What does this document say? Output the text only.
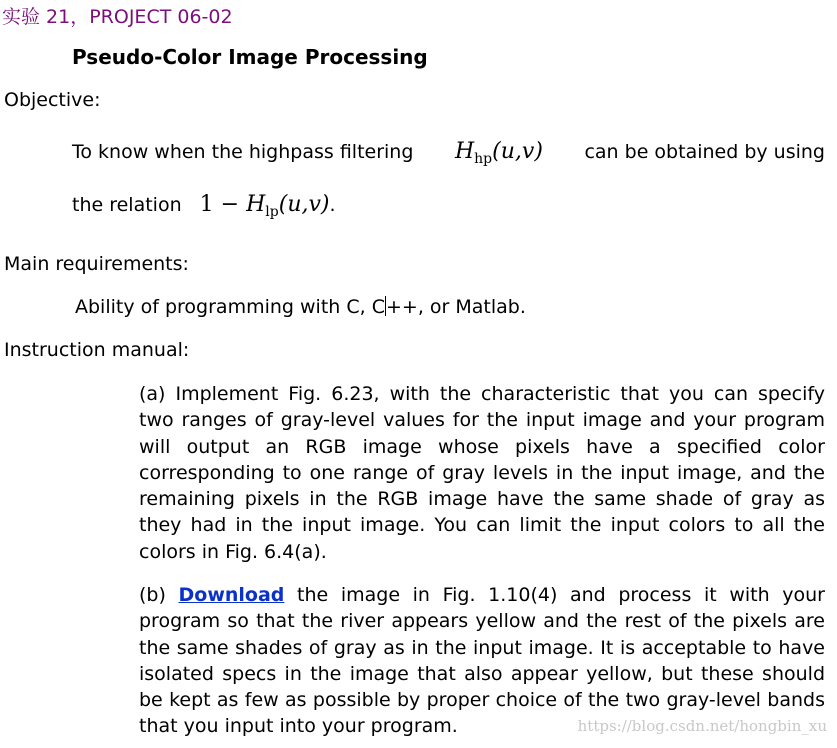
实验 21，PROJECT 06-02
Pseudo-Color Image Processing
Objective:
To know when the highpass filtering $H_{hp}(u,v)$ can be obtained by using
the relation $1 - H_{lp}(u,v)$.
Main requirements:
Ability of programming with C, C++, or Matlab.
Instruction manual:
(a) Implement Fig. 6.23, with the characteristic that you can specify two ranges of gray-level values for the input image and your program will output an RGB image whose pixels have a specified color corresponding to one range of gray levels in the input image, and the remaining pixels in the RGB image have the same shade of gray as they had in the input image. You can limit the input colors to all the colors in Fig. 6.4(a).
(b) Download the image in Fig. 1.10(4) and process it with your program so that the river appears yellow and the rest of the pixels are the same shades of gray as in the input image. It is acceptable to have isolated specs in the image that also appear yellow, but these should be kept as few as possible by proper choice of the two gray-level bands that you input into your program.	https://blog.csdn.net/hongbin_xu
